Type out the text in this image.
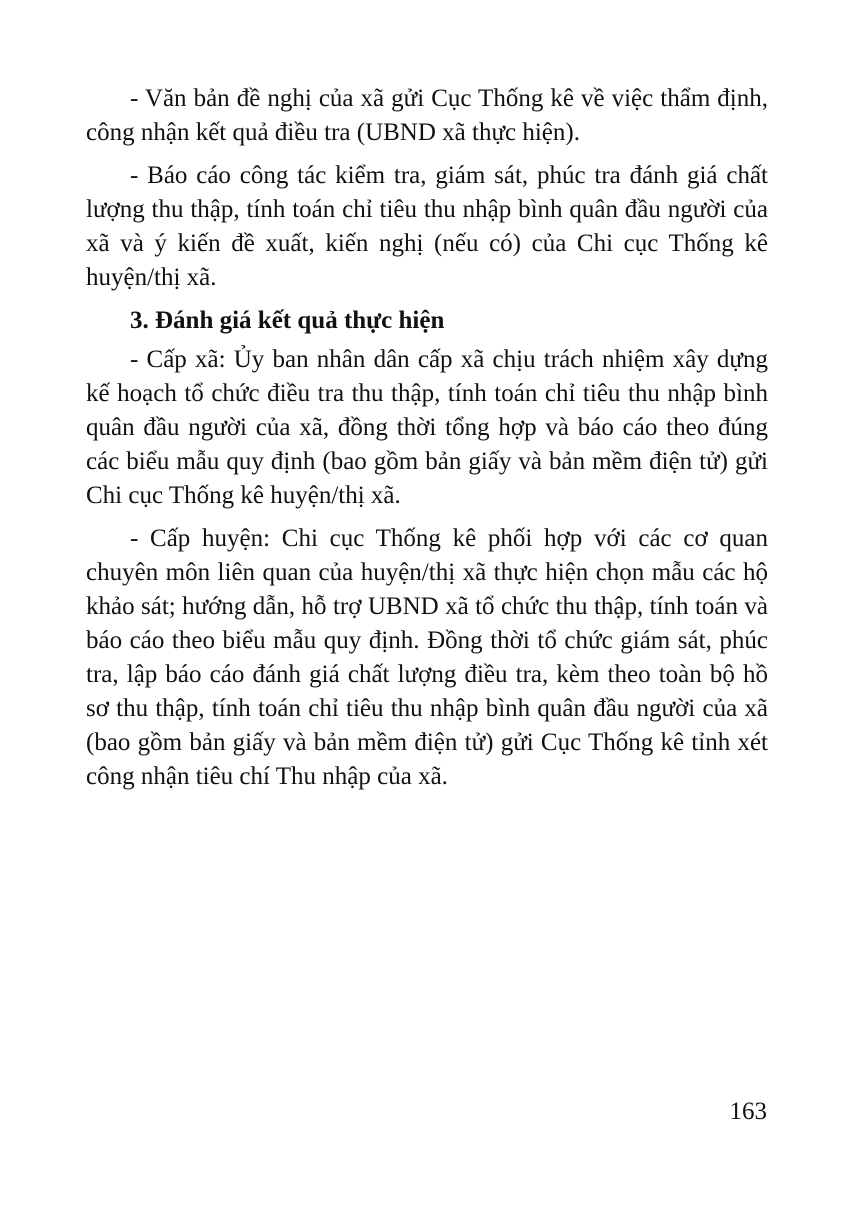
- Văn bản đề nghị của xã gửi Cục Thống kê về việc thẩm định, công nhận kết quả điều tra (UBND xã thực hiện).

- Báo cáo công tác kiểm tra, giám sát, phúc tra đánh giá chất lượng thu thập, tính toán chỉ tiêu thu nhập bình quân đầu người của xã và ý kiến đề xuất, kiến nghị (nếu có) của Chi cục Thống kê huyện/thị xã.

3. Đánh giá kết quả thực hiện

- Cấp xã: Ủy ban nhân dân cấp xã chịu trách nhiệm xây dựng kế hoạch tổ chức điều tra thu thập, tính toán chỉ tiêu thu nhập bình quân đầu người của xã, đồng thời tổng hợp và báo cáo theo đúng các biểu mẫu quy định (bao gồm bản giấy và bản mềm điện tử) gửi Chi cục Thống kê huyện/thị xã.

- Cấp huyện: Chi cục Thống kê phối hợp với các cơ quan chuyên môn liên quan của huyện/thị xã thực hiện chọn mẫu các hộ khảo sát; hướng dẫn, hỗ trợ UBND xã tổ chức thu thập, tính toán và báo cáo theo biểu mẫu quy định. Đồng thời tổ chức giám sát, phúc tra, lập báo cáo đánh giá chất lượng điều tra, kèm theo toàn bộ hồ sơ thu thập, tính toán chỉ tiêu thu nhập bình quân đầu người của xã (bao gồm bản giấy và bản mềm điện tử) gửi Cục Thống kê tỉnh xét công nhận tiêu chí Thu nhập của xã.

163
